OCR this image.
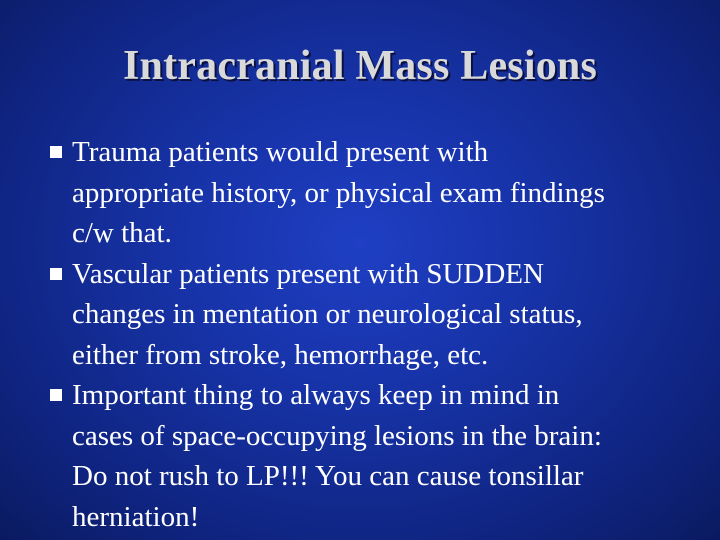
Intracranial Mass Lesions
Trauma patients would present with
appropriate history, or physical exam findings
c/w that.
Vascular patients present with SUDDEN
changes in mentation or neurological status,
either from stroke, hemorrhage, etc.
Important thing to always keep in mind in
cases of space-occupying lesions in the brain:
Do not rush to LP!!! You can cause tonsillar
herniation!
